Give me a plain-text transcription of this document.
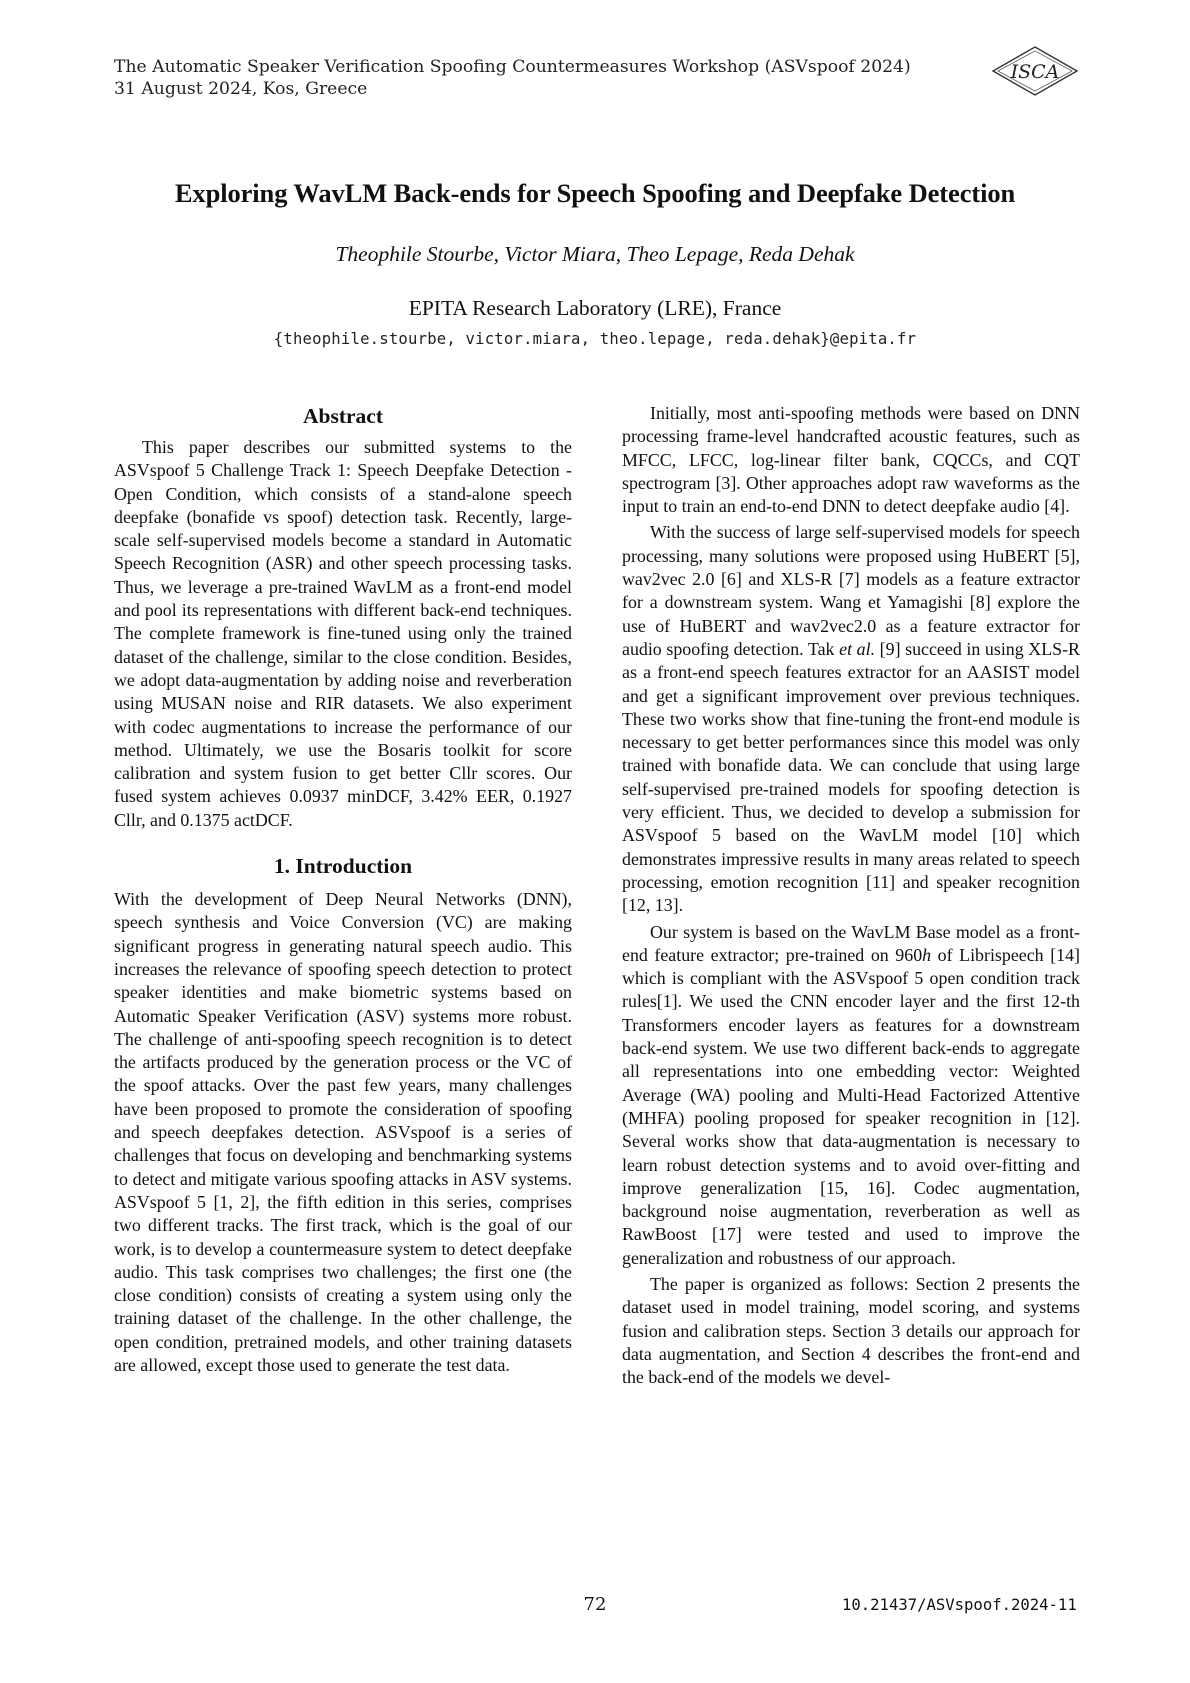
The Automatic Speaker Verification Spoofing Countermeasures Workshop (ASVspoof 2024)
31 August 2024, Kos, Greece
ISCA
Exploring WavLM Back-ends for Speech Spoofing and Deepfake Detection
Theophile Stourbe, Victor Miara, Theo Lepage, Reda Dehak
EPITA Research Laboratory (LRE), France
{theophile.stourbe, victor.miara, theo.lepage, reda.dehak}@epita.fr
Abstract

This paper describes our submitted systems to the ASVspoof 5 Challenge Track 1: Speech Deepfake Detection - Open Condition, which consists of a stand-alone speech deepfake (bonafide vs spoof) detection task. Recently, large-scale self-supervised models become a standard in Automatic Speech Recognition (ASR) and other speech processing tasks. Thus, we leverage a pre-trained WavLM as a front-end model and pool its representations with different back-end techniques. The complete framework is fine-tuned using only the trained dataset of the challenge, similar to the close condition. Besides, we adopt data-augmentation by adding noise and reverberation using MUSAN noise and RIR datasets. We also experiment with codec augmentations to increase the performance of our method. Ultimately, we use the Bosaris toolkit for score calibration and system fusion to get better Cllr scores. Our fused system achieves 0.0937 minDCF, 3.42% EER, 0.1927 Cllr, and 0.1375 actDCF.

1. Introduction

With the development of Deep Neural Networks (DNN), speech synthesis and Voice Conversion (VC) are making significant progress in generating natural speech audio. This increases the relevance of spoofing speech detection to protect speaker identities and make biometric systems based on Automatic Speaker Verification (ASV) systems more robust. The challenge of anti-spoofing speech recognition is to detect the artifacts produced by the generation process or the VC of the spoof attacks. Over the past few years, many challenges have been proposed to promote the consideration of spoofing and speech deepfakes detection. ASVspoof is a series of challenges that focus on developing and benchmarking systems to detect and mitigate various spoofing attacks in ASV systems. ASVspoof 5 [1, 2], the fifth edition in this series, comprises two different tracks. The first track, which is the goal of our work, is to develop a countermeasure system to detect deepfake audio. This task comprises two challenges; the first one (the close condition) consists of creating a system using only the training dataset of the challenge. In the other challenge, the open condition, pretrained models, and other training datasets are allowed, except those used to generate the test data.

Initially, most anti-spoofing methods were based on DNN processing frame-level handcrafted acoustic features, such as MFCC, LFCC, log-linear filter bank, CQCCs, and CQT spectrogram [3]. Other approaches adopt raw waveforms as the input to train an end-to-end DNN to detect deepfake audio [4].

With the success of large self-supervised models for speech processing, many solutions were proposed using HuBERT [5], wav2vec 2.0 [6] and XLS-R [7] models as a feature extractor for a downstream system. Wang et Yamagishi [8] explore the use of HuBERT and wav2vec2.0 as a feature extractor for audio spoofing detection. Tak et al. [9] succeed in using XLS-R as a front-end speech features extractor for an AASIST model and get a significant improvement over previous techniques. These two works show that fine-tuning the front-end module is necessary to get better performances since this model was only trained with bonafide data. We can conclude that using large self-supervised pre-trained models for spoofing detection is very efficient. Thus, we decided to develop a submission for ASVspoof 5 based on the WavLM model [10] which demonstrates impressive results in many areas related to speech processing, emotion recognition [11] and speaker recognition [12, 13].

Our system is based on the WavLM Base model as a front-end feature extractor; pre-trained on 960h of Librispeech [14] which is compliant with the ASVspoof 5 open condition track rules[1]. We used the CNN encoder layer and the first 12-th Transformers encoder layers as features for a downstream back-end system. We use two different back-ends to aggregate all representations into one embedding vector: Weighted Average (WA) pooling and Multi-Head Factorized Attentive (MHFA) pooling proposed for speaker recognition in [12]. Several works show that data-augmentation is necessary to learn robust detection systems and to avoid over-fitting and improve generalization [15, 16]. Codec augmentation, background noise augmentation, reverberation as well as RawBoost [17] were tested and used to improve the generalization and robustness of our approach.

The paper is organized as follows: Section 2 presents the dataset used in model training, model scoring, and systems fusion and calibration steps. Section 3 details our approach for data augmentation, and Section 4 describes the front-end and the back-end of the models we devel-

72	10.21437/ASVspoof.2024-11
